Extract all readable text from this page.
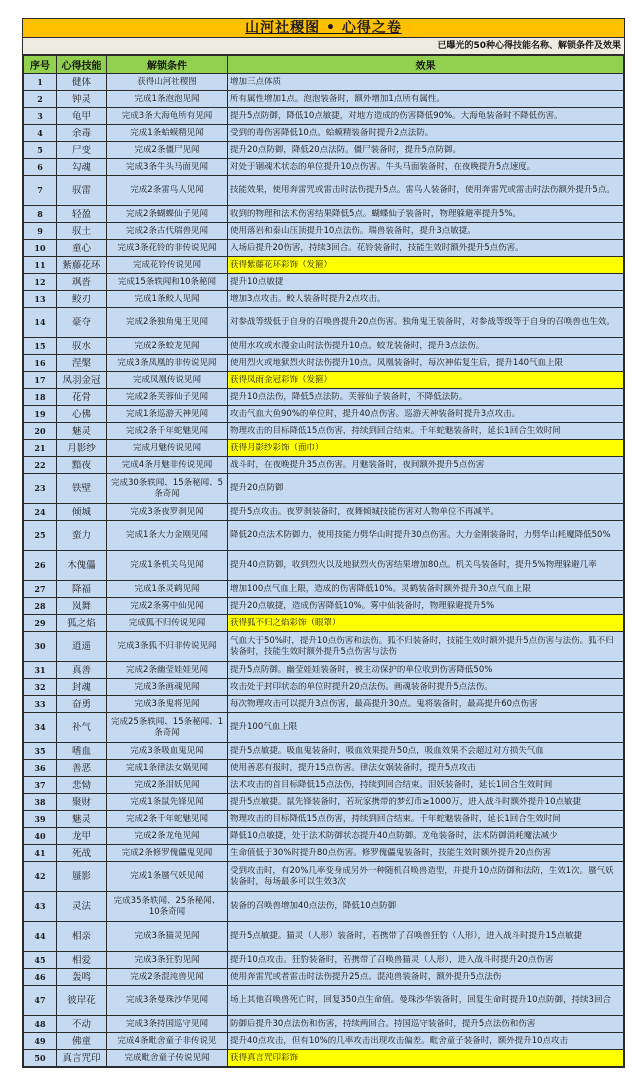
山河社稷图 • 心得之卷
已曝光的50种心得技能名称、解锁条件及效果
序号	心得技能	解锁条件	效果

1	健体	获得山河社稷图	增加三点体质

2	钟灵	完成1条泡泡见闻	所有属性增加1点。泡泡装备时，额外增加1点所有属性。

3	龟甲	完成3条大海龟所有见闻	提升5点防御，降低10点敏捷，对地方造成的伤害降低90%。大海龟装备时不降低伤害。

4	余毒	完成1条蛤蟆精见闻	受到的毒伤害降低10点。蛤蟆精装备时提升2点法防。

5	尸变	完成2条僵尸见闻	提升20点防御，降低20点法防。僵尸装备时，提升5点防御。

6	勾魂	完成3条牛头马面见闻	对处于锢魂术状态的单位提升10点伤害。牛头马面装备时，在夜晚提升5点速度。

7	驭雷	完成2条雷鸟人见闻	技能效果，使用奔雷咒或雷击时法伤提升5点。雷鸟人装备时，使用奔雷咒或雷击时法伤额外提升5点。

8	轻盈	完成2条蝴蝶仙子见闻	收到的物理和法术伤害结果降低5点。蝴蝶仙子装备时，物理躲避率提升5%。

9	驭土	完成2条古代瑞兽见闻	使用落岩和泰山压顶提升10点法伤。瑞兽装备时，提升3点敏捷。

10	童心	完成3条花铃的非传说见闻	入场后提升20伤害，持续3回合。花铃装备时，技能生效时额外提升5点伤害。

11	紫藤花环	完成花铃传说见闻	获得紫藤花环彩饰（发箍）

12	飒沓	完成15条轶闻和10条秘闻	提升10点敏捷

13	鲛刃	完成1条鲛人见闻	增加3点攻击。鲛人装备时提升2点攻击。

14	豪夺	完成2条独角鬼王见闻	对参战等级低于自身的召唤兽提升20点伤害。独角鬼王装备时，对参战等级等于自身的召唤兽也生效。

15	驭水	完成2条蛟龙见闻	使用水攻或水漫金山时法伤提升10点。蛟龙装备时，提升3点法伤。

16	涅槃	完成3条凤凰的非传说见闻	使用烈火或地狱烈火时法伤提升10点。凤凰装备时，每次神佑复生后，提升140气血上限

17	凤羽金冠	完成凤凰传说见闻	获得凤雨金冠彩饰（发箍）

18	花骨	完成2条芙蓉仙子见闻	提升10点法伤，降低5点法防。芙蓉仙子装备时，不降低法防。

19	心佛	完成1条巡游天神见闻	攻击气血大鱼90%的单位时，提升40点伤害。巡游天神装备时提升3点攻击。

20	魅灵	完成2条千年蛇魅见闻	物理攻击的目标降低15点伤害，持续到回合结束。千年蛇魅装备时，延长1回合生效时间

21	月影纱	完成月魅传说见闻	获得月影纱彩饰（面巾）

22	黯夜	完成4条月魅非传说见闻	战斗时，在夜晚提升35点伤害。月魅装备时，夜间额外提升5点伤害

23	铁壁	完成30条轶闻、15条秘闻、5条奇闻	提升20点防御

24	倾城	完成3条夜罗刹见闻	提升5点攻击。夜罗刹装备时，夜舞倾城技能伤害对人物单位不再减半。

25	蛮力	完成1条大力金刚见闻	降低20点法术防御力，使用技能力劈华山时提升30点伤害。大力金刚装备时，力劈华山耗魔降低50%

26	木傀儡	完成1条机关鸟见闻	提升40点防御，收到烈火以及地狱烈火伤害结果增加80点。机关鸟装备时，提升5%物理躲避几率

27	降福	完成1条灵鹤见闻	增加100点气血上限，造成的伤害降低10%。灵鹤装备时额外提升30点气血上限

28	岚舞	完成2条雾中仙见闻	提升20点敏捷，造成伤害降低10%。雾中仙装备时，物理躲避提升5%

29	狐之焰	完成狐不归传说见闻	获得狐不归之焰彩饰（眼罩）

30	逍遥	完成3条狐不归非传说见闻	气血大于50%时，提升10点伤害和法伤。狐不归装备时，技能生效时额外提升5点伤害与法伤。狐不归装备时，技能生效时额外提升5点伤害与法伤

31	真善	完成2条幽莹娃娃见闻	提升5点防御。幽莹娃娃装备时，被主动保护的单位收到伤害降低50%

32	封魂	完成3条画魂见闻	攻击处于封印状态的单位时提升20点法伤。画魂装备时提升5点法伤。

33	奋勇	完成3条鬼将见闻	每次物理攻击可以提升3点伤害，最高提升30点。鬼将装备时，最高提升60点伤害

34	补气	完成25条轶闻、15条秘闻、1条奇闻	提升100气血上限

35	嗜血	完成3条吸血鬼见闻	提升5点敏捷。吸血鬼装备时，吸血效果提升50点，吸血效果不会超过对方损失气血

36	善恶	完成1条律法女娲见闻	使用善恶有报时，提升15点伤害。律法女娲装备时，提升5点攻击

37	悲恸	完成2条泪妖见闻	法术攻击的首目标降低15点法伤，持续到回合结束。泪妖装备时，延长1回合生效时间

38	聚财	完成1条鼠先锋见闻	提升5点敏捷。鼠先锋装备时，若玩家携带的梦幻币≥1000万，进入战斗时额外提升10点敏捷

39	魅灵	完成2条千年蛇魅见闻	物理攻击的目标降低15点伤害，持续到回合结束。千年蛇魅装备时，延长1回合生效时间

40	龙甲	完成2条龙龟见闻	降低10点敏捷，处于法术防御状态提升40点防御。龙龟装备时，法术防御消耗魔法减少

41	死战	完成2条修罗傀儡鬼见闻	生命值低于30%时提升80点伤害。修罗傀儡鬼装备时，技能生效时额外提升20点伤害

42	蜃影	完成1条蜃气妖见闻	受到攻击时，有20%几率变身成另外一种随机召唤兽造型，并提升10点防御和法防，生效1次。蜃气妖装备时，每场最多可以生效3次

43	灵法	完成35条轶闻、25条秘闻、10条奇闻	装备的召唤兽增加40点法伤，降低10点防御

44	相亲	完成3条猫灵见闻	提升5点敏捷。猫灵（人形）装备时，若携带了召唤兽狂豹（人形），进入战斗时提升15点敏捷

45	相爱	完成3条狂豹见闻	提升10点攻击。狂豹装备时，若携带了召唤兽猫灵（人形），进入战斗时提升20点伤害

46	轰鸣	完成2条混沌兽见闻	使用奔雷咒或者雷击时法伤提升25点。混沌兽装备时，额外提升5点法伤

47	彼岸花	完成3条曼珠沙华见闻	场上其他召唤兽死亡时，回复350点生命值。曼珠沙华装备时，回复生命时提升10点防御，持续3回合

48	不动	完成3条持国巡守见闻	防御后提升30点法伤和伤害，持续两回合。持国巡守装备时，提升5点法伤和伤害

49	佛童	完成4条毗舍童子非传说见	提升40点攻击，但有10%的几率攻击出现攻击偏差。毗舍童子装备时，额外提升10点攻击

50	真言咒印	完成毗舍童子传说见闻	获得真言咒印彩饰
